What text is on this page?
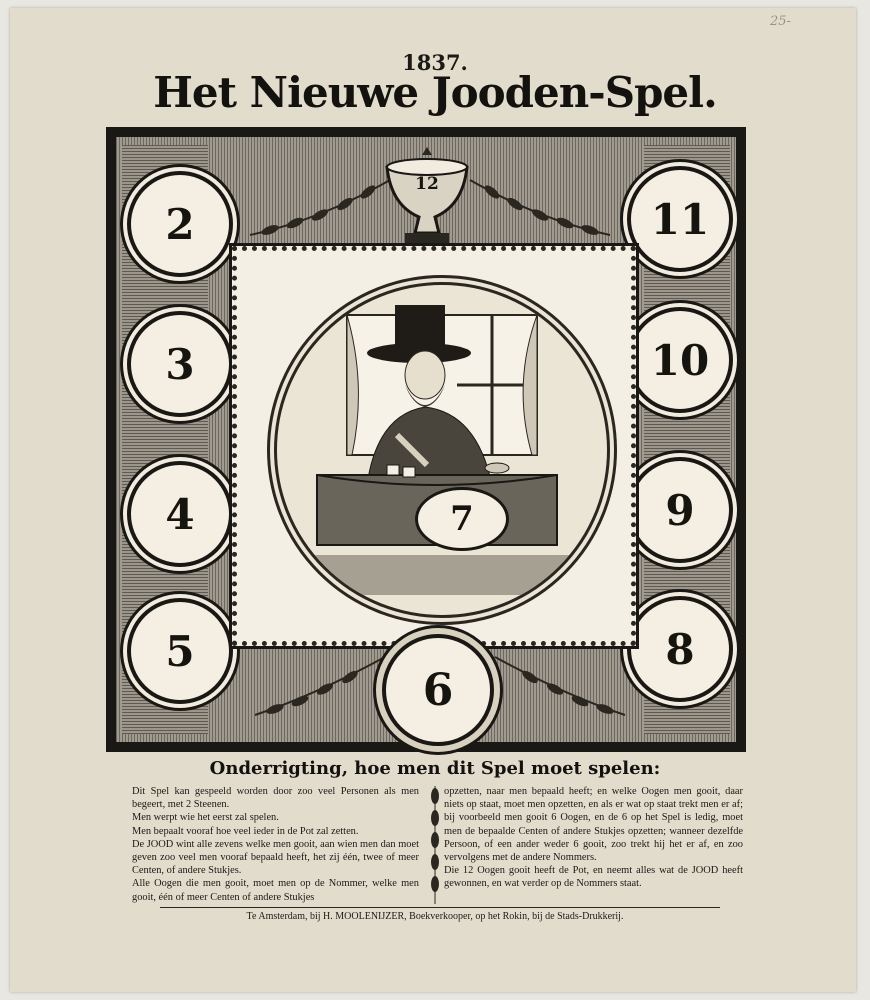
25-
1837.
Het Nieuwe Jooden-Spel.
2
3
4
5
11
10
9
8
12
7
6
Onderrigting, hoe men dit Spel moet spelen:

Dit Spel kan gespeeld worden door zoo veel Personen als men begeert, met 2 Steenen.

Men werpt wie het eerst zal spelen.

Men bepaalt vooraf hoe veel ieder in de Pot zal zetten.

De JOOD wint alle zevens welke men gooit, aan wien men dan moet geven zoo veel men vooraf bepaald heeft, het zij één, twee of meer Centen, of andere Stukjes.

Alle Oogen die men gooit, moet men op de Nommer, welke men gooit, één of meer Centen of andere Stukjes

opzetten, naar men bepaald heeft; en welke Oogen men gooit, daar niets op staat, moet men opzetten, en als er wat op staat trekt men er af; bij voorbeeld men gooit 6 Oogen, en de 6 op het Spel is ledig, moet men de bepaalde Centen of andere Stukjes opzetten; wanneer dezelfde Persoon, of een ander weder 6 gooit, zoo trekt hij het er af, en zoo vervolgens met de andere Nommers.

Die 12 Oogen gooit heeft de Pot, en neemt alles wat de JOOD heeft gewonnen, en wat verder op de Nommers staat.

Te Amsterdam, bij H. MOOLENIJZER, Boekverkooper, op het Rokin, bij de Stads-Drukkerij.
